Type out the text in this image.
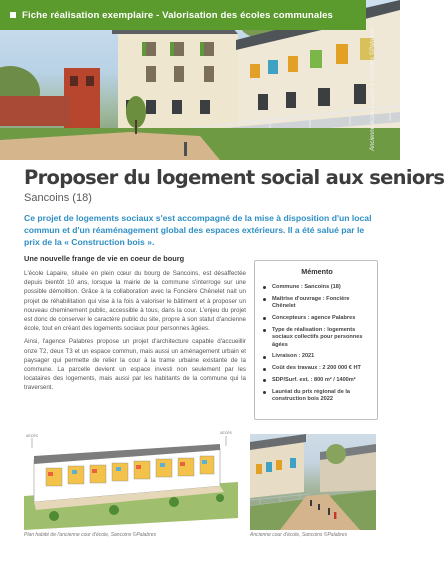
Fiche réalisation exemplaire - Valorisation des écoles communales
Ancienne école Lapaire à Sancoins ©Palabres
Proposer du logement social aux seniors
Sancoins (18)

Ce projet de logements sociaux s'est accompagné de la mise à disposition d'un local commun et d'un réaménagement global des espaces extérieurs. Il a été salué par le prix de la « Construction bois ».

Une nouvelle frange de vie en coeur de bourg

L'école Lapaire, située en plein cœur du bourg de Sancoins, est désaffectée depuis bientôt 10 ans, lorsque la mairie de la commune s'interroge sur une possible démolition. Grâce à la collaboration avec la Foncière Chênelet nait un projet de réhabilitation qui vise à la fois à valoriser le bâtiment et à proposer un nouveau cheminement public, accessible à tous, dans la cour. L'enjeu du projet est donc de conserver le caractère public du site, propre à son statut d'ancienne école, tout en créant des logements sociaux pour personnes âgées.

Ainsi, l'agence Palabres propose un projet d'architecture capable d'accueillir onze T2, deux T3 et un espace commun, mais aussi un aménagement urbain et paysager qui permette de relier la cour à la trame urbaine existante de la commune. La parcelle devient un espace investi non seulement par les locataires des logements, mais aussi par les habitants de la commune qui la traversent.

Mémento
Commune : Sancoins (18)
Maîtrise d'ouvrage : Foncière Chênelet
Concepteurs : agence Palabres
Type de réalisation : logements sociaux collectifs pour personnes âgées
Livraison : 2021
Coût des travaux : 2 200 000 € HT
SDP/Surf. ext. : 800 m² / 1400m²
Lauréat du prix régional de la construction bois 2022
accès
accès
Plan habité de l'ancienne cour d'école, Sancoins ©Palabres	Ancienne cour d'école, Sancoins ©Palabres
